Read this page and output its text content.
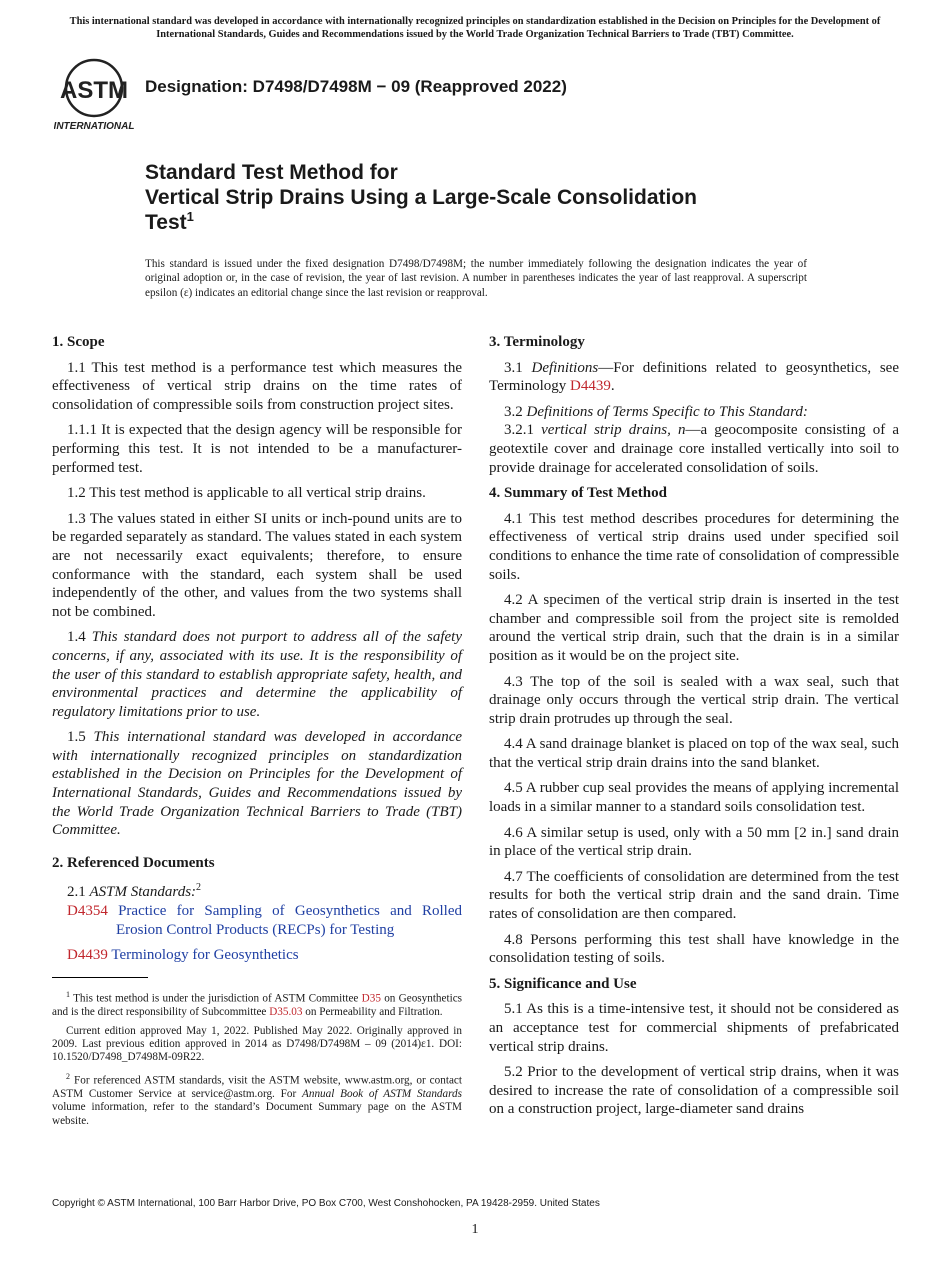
This international standard was developed in accordance with internationally recognized principles on standardization established in the Decision on Principles for the Development of International Standards, Guides and Recommendations issued by the World Trade Organization Technical Barriers to Trade (TBT) Committee.
ASTM
INTERNATIONAL
Designation: D7498/D7498M − 09 (Reapproved 2022)
Standard Test Method for
Vertical Strip Drains Using a Large-Scale Consolidation
Test$^1$
This standard is issued under the fixed designation D7498/D7498M; the number immediately following the designation indicates the year of original adoption or, in the case of revision, the year of last revision. A number in parentheses indicates the year of last reapproval. A superscript epsilon (ε) indicates an editorial change since the last revision or reapproval.
1. Scope

1.1 This test method is a performance test which measures the effectiveness of vertical strip drains on the time rates of consolidation of compressible soils from construction project sites.

1.1.1 It is expected that the design agency will be responsible for performing this test. It is not intended to be a manufacturer-performed test.

1.2 This test method is applicable to all vertical strip drains.

1.3 The values stated in either SI units or inch-pound units are to be regarded separately as standard. The values stated in each system are not necessarily exact equivalents; therefore, to ensure conformance with the standard, each system shall be used independently of the other, and values from the two systems shall not be combined.

1.4 This standard does not purport to address all of the safety concerns, if any, associated with its use. It is the responsibility of the user of this standard to establish appropriate safety, health, and environmental practices and determine the applicability of regulatory limitations prior to use.

1.5 This international standard was developed in accordance with internationally recognized principles on standardization established in the Decision on Principles for the Development of International Standards, Guides and Recommendations issued by the World Trade Organization Technical Barriers to Trade (TBT) Committee.

2. Referenced Documents

2.1 ASTM Standards:$^2$

D4354 Practice for Sampling of Geosynthetics and Rolled Erosion Control Products (RECPs) for Testing

D4439 Terminology for Geosynthetics

$^1$ This test method is under the jurisdiction of ASTM Committee D35 on Geosynthetics and is the direct responsibility of Subcommittee D35.03 on Permeability and Filtration.

Current edition approved May 1, 2022. Published May 2022. Originally approved in 2009. Last previous edition approved in 2014 as D7498/D7498M – 09 (2014)ε1. DOI: 10.1520/D7498_D7498M-09R22.

$^2$ For referenced ASTM standards, visit the ASTM website, www.astm.org, or contact ASTM Customer Service at service@astm.org. For Annual Book of ASTM Standards volume information, refer to the standard’s Document Summary page on the ASTM website.

3. Terminology

3.1 Definitions—For definitions related to geosynthetics, see Terminology D4439.

3.2 Definitions of Terms Specific to This Standard:

3.2.1 vertical strip drains, n—a geocomposite consisting of a geotextile cover and drainage core installed vertically into soil to provide drainage for accelerated consolidation of soils.

4. Summary of Test Method

4.1 This test method describes procedures for determining the effectiveness of vertical strip drains used under specified soil conditions to enhance the time rate of consolidation of compressible soils.

4.2 A specimen of the vertical strip drain is inserted in the test chamber and compressible soil from the project site is remolded around the vertical strip drain, such that the drain is in a similar position as it would be on the project site.

4.3 The top of the soil is sealed with a wax seal, such that drainage only occurs through the vertical strip drain. The vertical strip drain protrudes up through the seal.

4.4 A sand drainage blanket is placed on top of the wax seal, such that the vertical strip drain drains into the sand blanket.

4.5 A rubber cup seal provides the means of applying incremental loads in a similar manner to a standard soils consolidation test.

4.6 A similar setup is used, only with a 50 mm [2 in.] sand drain in place of the vertical strip drain.

4.7 The coefficients of consolidation are determined from the test results for both the vertical strip drain and the sand drain. Time rates of consolidation are then compared.

4.8 Persons performing this test shall have knowledge in the consolidation testing of soils.

5. Significance and Use

5.1 As this is a time-intensive test, it should not be considered as an acceptance test for commercial shipments of prefabricated vertical strip drains.

5.2 Prior to the development of vertical strip drains, when it was desired to increase the rate of consolidation of a compressible soil on a construction project, large-diameter sand drains

Copyright © ASTM International, 100 Barr Harbor Drive, PO Box C700, West Conshohocken, PA 19428-2959. United States
1
